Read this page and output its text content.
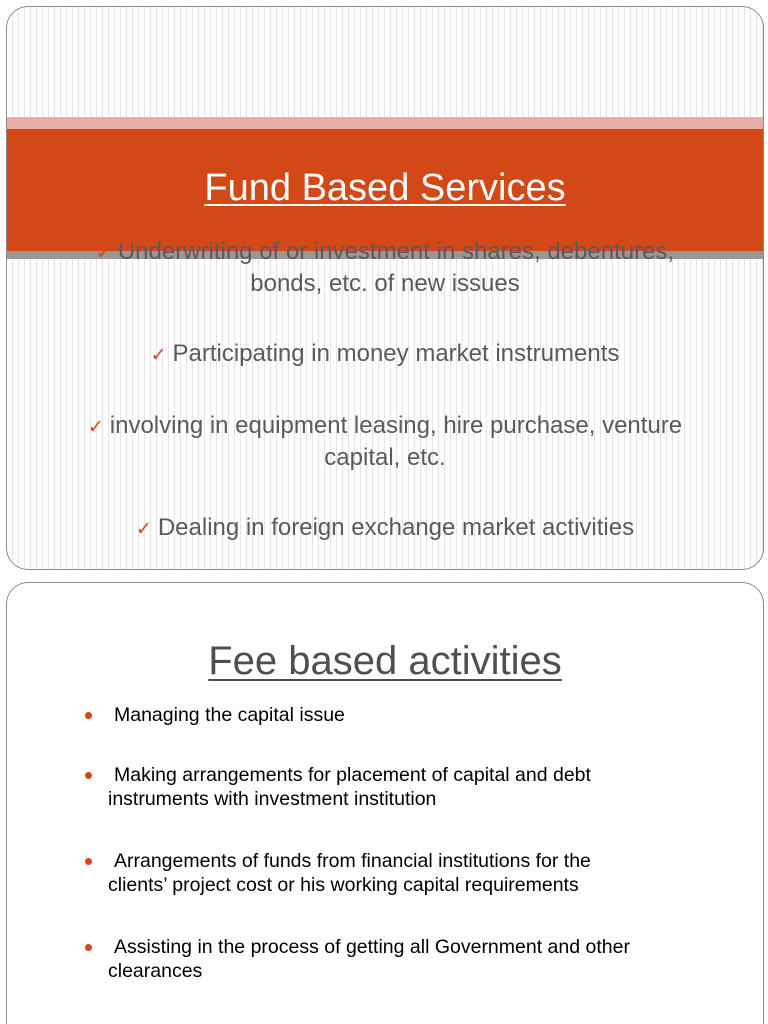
Fund Based Services
✓ Underwriting of or investment in shares, debentures,
bonds, etc. of new issues
✓ Participating in money market instruments
✓ involving in equipment leasing, hire purchase, venture
capital, etc.
✓ Dealing in foreign exchange market activities
Fee based activities
Managing the capital issue
Making arrangements for placement of capital and debt
instruments with investment institution
Arrangements of funds from financial institutions for the
clients’ project cost or his working capital requirements
Assisting in the process of getting all Government and other
clearances
